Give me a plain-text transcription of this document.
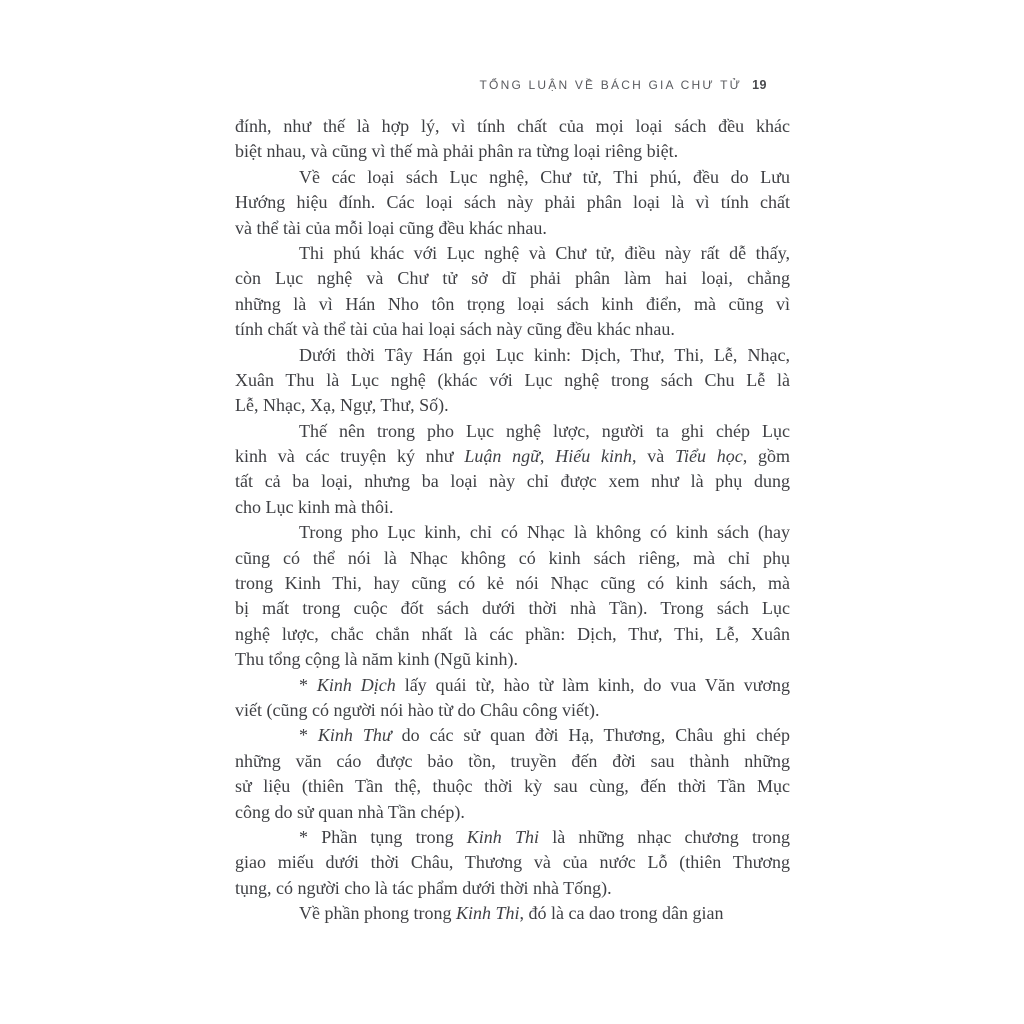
TỔNG LUẬN VỀ BÁCH GIA CHƯ TỬ 19
đính, như thế là hợp lý, vì tính chất của mọi loại sách đều khác
biệt nhau, và cũng vì thế mà phải phân ra từng loại riêng biệt.
Về các loại sách Lục nghệ, Chư tử, Thi phú, đều do Lưu
Hướng hiệu đính. Các loại sách này phải phân loại là vì tính chất
và thể tài của mỗi loại cũng đều khác nhau.
Thi phú khác với Lục nghệ và Chư tử, điều này rất dễ thấy,
còn Lục nghệ và Chư tử sở dĩ phải phân làm hai loại, chẳng
những là vì Hán Nho tôn trọng loại sách kinh điển, mà cũng vì
tính chất và thể tài của hai loại sách này cũng đều khác nhau.
Dưới thời Tây Hán gọi Lục kinh: Dịch, Thư, Thi, Lễ, Nhạc,
Xuân Thu là Lục nghệ (khác với Lục nghệ trong sách Chu Lễ là
Lễ, Nhạc, Xạ, Ngự, Thư, Số).
Thế nên trong pho Lục nghệ lược, người ta ghi chép Lục
kinh và các truyện ký như Luận ngữ, Hiếu kinh, và Tiểu học, gồm
tất cả ba loại, nhưng ba loại này chỉ được xem như là phụ dung
cho Lục kinh mà thôi.
Trong pho Lục kinh, chỉ có Nhạc là không có kinh sách (hay
cũng có thể nói là Nhạc không có kinh sách riêng, mà chỉ phụ
trong Kinh Thi, hay cũng có kẻ nói Nhạc cũng có kinh sách, mà
bị mất trong cuộc đốt sách dưới thời nhà Tần). Trong sách Lục
nghệ lược, chắc chắn nhất là các phần: Dịch, Thư, Thi, Lễ, Xuân
Thu tổng cộng là năm kinh (Ngũ kinh).
* Kinh Dịch lấy quái từ, hào từ làm kinh, do vua Văn vương
viết (cũng có người nói hào từ do Châu công viết).
* Kinh Thư do các sử quan đời Hạ, Thương, Châu ghi chép
những văn cáo được bảo tồn, truyền đến đời sau thành những
sử liệu (thiên Tần thệ, thuộc thời kỳ sau cùng, đến thời Tần Mục
công do sử quan nhà Tần chép).
* Phần tụng trong Kinh Thi là những nhạc chương trong
giao miếu dưới thời Châu, Thương và của nước Lỗ (thiên Thương
tụng, có người cho là tác phẩm dưới thời nhà Tống).
Về phần phong trong Kinh Thi, đó là ca dao trong dân gian
